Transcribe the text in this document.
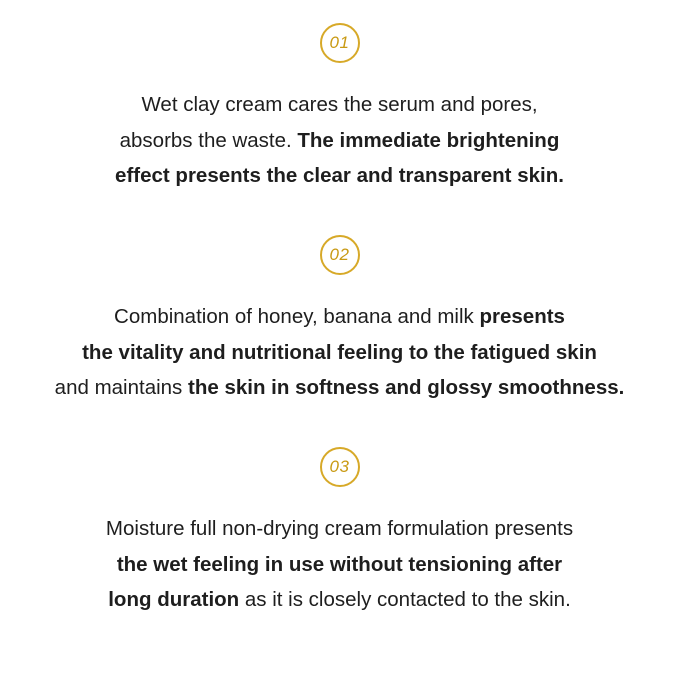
01
Wet clay cream cares the serum and pores,
absorbs the waste. The immediate brightening
effect presents the clear and transparent skin.
02
Combination of honey, banana and milk presents
the vitality and nutritional feeling to the fatigued skin
and maintains the skin in softness and glossy smoothness.
03
Moisture full non-drying cream formulation presents
the wet feeling in use without tensioning after
long duration as it is closely contacted to the skin.
